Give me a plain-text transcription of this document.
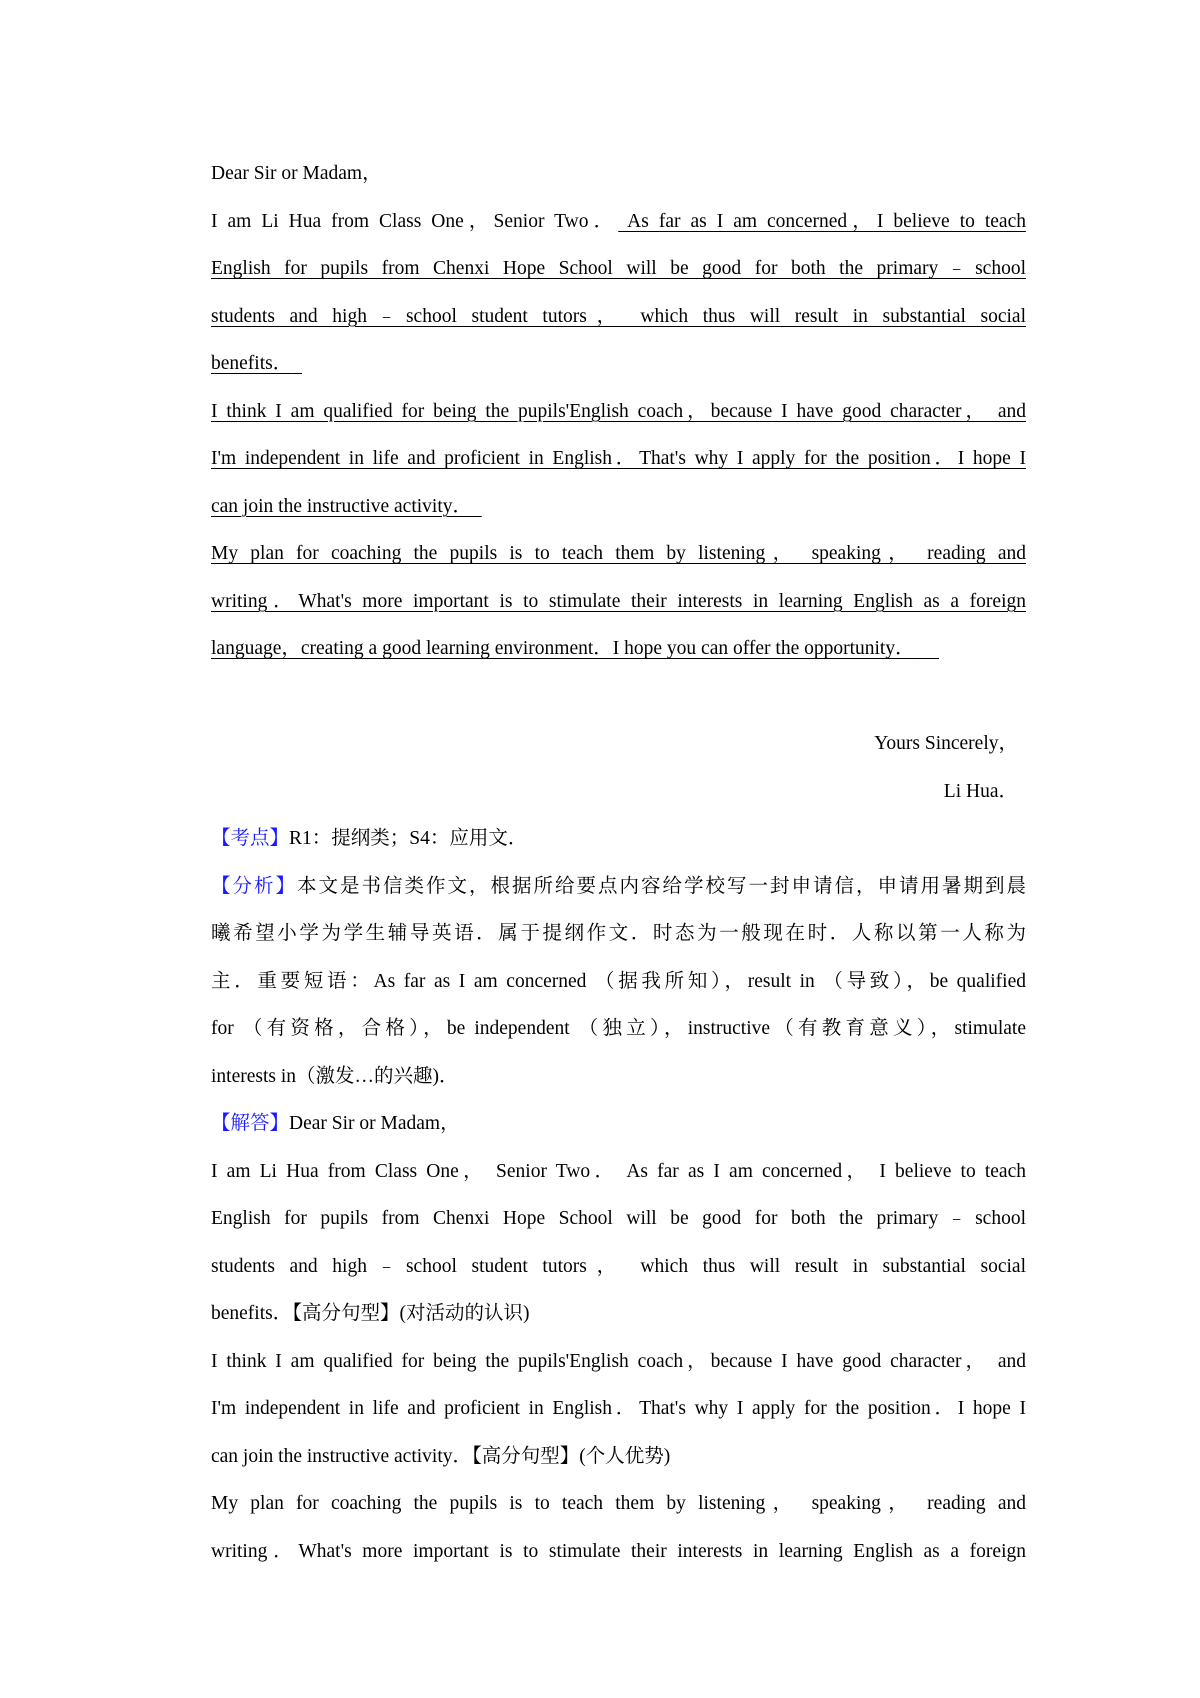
Dear Sir or Madam，
I am Li Hua from Class One，Senior Two． As far as I am concerned，I believe to teach
English for pupils from Chenxi Hope School will be good for both the primary﹣school
students and high﹣school student tutors， which thus will result in substantial social
benefits．
I think I am qualified for being the pupils'English coach，because I have good character， and
I'm independent in life and proficient in English．That's why I apply for the position．I hope I
can join the instructive activity．
My plan for coaching the pupils is to teach them by listening， speaking， reading and
writing．What's more important is to stimulate their interests in learning English as a foreign
language，creating a good learning environment．I hope you can offer the opportunity．
Yours Sincerely，
Li Hua．
【考点】R1：提纲类；S4：应用文．
【分析】本文是书信类作文，根据所给要点内容给学校写一封申请信，申请用暑期到晨
曦希望小学为学生辅导英语．属于提纲作文．时态为一般现在时．人称以第一人称为
主．重要短语：As far as I am concerned （据我所知），result in （导致），be qualified
for （有资格，合格），be independent （独立），instructive（有教育意义），stimulate
interests in（激发…的兴趣)．
【解答】Dear Sir or Madam，
I am Li Hua from Class One， Senior Two． As far as I am concerned， I believe to teach
English for pupils from Chenxi Hope School will be good for both the primary﹣school
students and high﹣school student tutors， which thus will result in substantial social
benefits．【高分句型】(对活动的认识)
I think I am qualified for being the pupils'English coach，because I have good character， and
I'm independent in life and proficient in English．That's why I apply for the position．I hope I
can join the instructive activity．【高分句型】(个人优势)
My plan for coaching the pupils is to teach them by listening， speaking， reading and
writing．What's more important is to stimulate their interests in learning English as a foreign
